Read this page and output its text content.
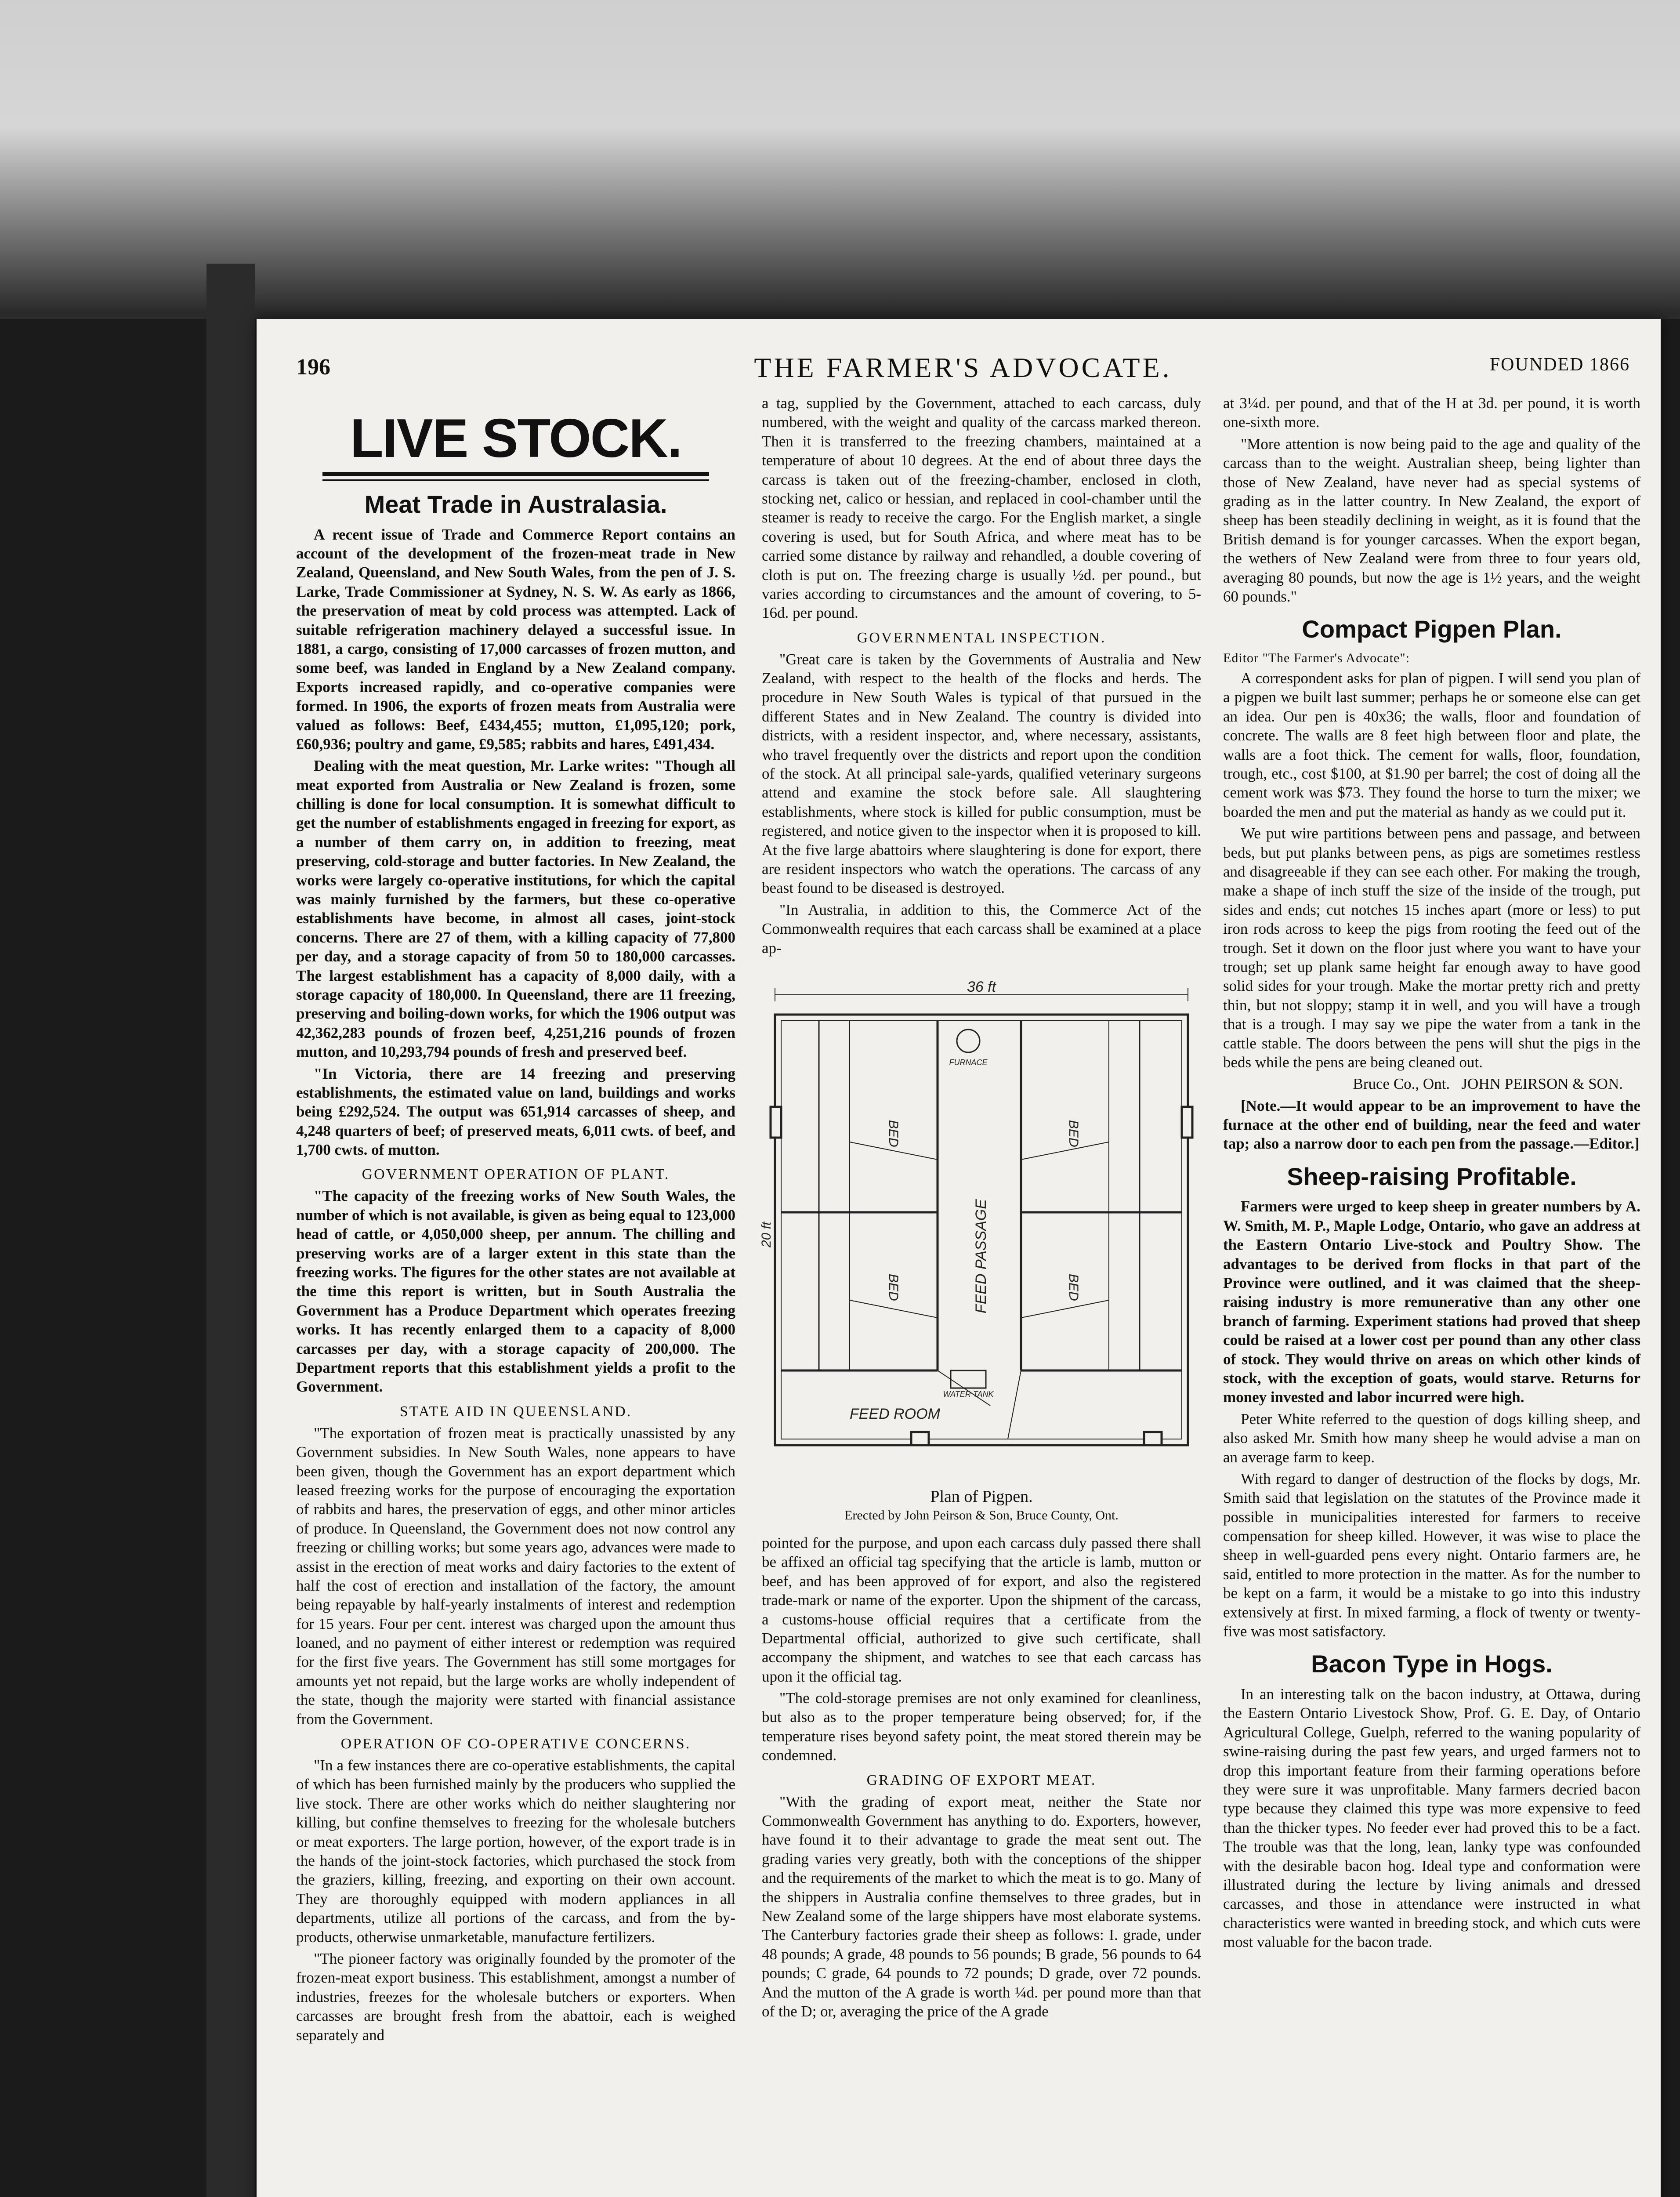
196	THE FARMER'S ADVOCATE.	FOUNDED 1866
LIVE STOCK.
Meat Trade in Australasia.

A recent issue of Trade and Commerce Report contains an account of the development of the frozen-meat trade in New Zealand, Queensland, and New South Wales, from the pen of J. S. Larke, Trade Commissioner at Sydney, N. S. W. As early as 1866, the preservation of meat by cold process was attempted. Lack of suitable refrigeration machinery delayed a successful issue. In 1881, a cargo, consisting of 17,000 carcasses of frozen mutton, and some beef, was landed in England by a New Zealand company. Exports increased rapidly, and co-operative companies were formed. In 1906, the exports of frozen meats from Australia were valued as follows: Beef, £434,455; mutton, £1,095,120; pork, £60,936; poultry and game, £9,585; rabbits and hares, £491,434.

Dealing with the meat question, Mr. Larke writes: "Though all meat exported from Australia or New Zealand is frozen, some chilling is done for local consumption. It is somewhat difficult to get the number of establishments engaged in freezing for export, as a number of them carry on, in addition to freezing, meat preserving, cold-storage and butter factories. In New Zealand, the works were largely co-operative institutions, for which the capital was mainly furnished by the farmers, but these co-operative establishments have become, in almost all cases, joint-stock concerns. There are 27 of them, with a killing capacity of 77,800 per day, and a storage capacity of from 50 to 180,000 carcasses. The largest establishment has a capacity of 8,000 daily, with a storage capacity of 180,000. In Queensland, there are 11 freezing, preserving and boiling-down works, for which the 1906 output was 42,362,283 pounds of frozen beef, 4,251,216 pounds of frozen mutton, and 10,293,794 pounds of fresh and preserved beef.

"In Victoria, there are 14 freezing and preserving establishments, the estimated value on land, buildings and works being £292,524. The output was 651,914 carcasses of sheep, and 4,248 quarters of beef; of preserved meats, 6,011 cwts. of beef, and 1,700 cwts. of mutton.

GOVERNMENT OPERATION OF PLANT.

"The capacity of the freezing works of New South Wales, the number of which is not available, is given as being equal to 123,000 head of cattle, or 4,050,000 sheep, per annum. The chilling and preserving works are of a larger extent in this state than the freezing works. The figures for the other states are not available at the time this report is written, but in South Australia the Government has a Produce Department which operates freezing works. It has recently enlarged them to a capacity of 8,000 carcasses per day, with a storage capacity of 200,000. The Department reports that this establishment yields a profit to the Government.

STATE AID IN QUEENSLAND.

"The exportation of frozen meat is practically unassisted by any Government subsidies. In New South Wales, none appears to have been given, though the Government has an export department which leased freezing works for the purpose of encouraging the exportation of rabbits and hares, the preservation of eggs, and other minor articles of produce. In Queensland, the Government does not now control any freezing or chilling works; but some years ago, advances were made to assist in the erection of meat works and dairy factories to the extent of half the cost of erection and installation of the factory, the amount being repayable by half-yearly instalments of interest and redemption for 15 years. Four per cent. interest was charged upon the amount thus loaned, and no payment of either interest or redemption was required for the first five years. The Government has still some mortgages for amounts yet not repaid, but the large works are wholly independent of the state, though the majority were started with financial assistance from the Government.

OPERATION OF CO-OPERATIVE CONCERNS.

"In a few instances there are co-operative establishments, the capital of which has been furnished mainly by the producers who supplied the live stock. There are other works which do neither slaughtering nor killing, but confine themselves to freezing for the wholesale butchers or meat exporters. The large portion, however, of the export trade is in the hands of the joint-stock factories, which purchased the stock from the graziers, killing, freezing, and exporting on their own account. They are thoroughly equipped with modern appliances in all departments, utilize all portions of the carcass, and from the by-products, otherwise unmarketable, manufacture fertilizers.

"The pioneer factory was originally founded by the promoter of the frozen-meat export business. This establishment, amongst a number of industries, freezes for the wholesale butchers or exporters. When carcasses are brought fresh from the abattoir, each is weighed separately and

a tag, supplied by the Government, attached to each carcass, duly numbered, with the weight and quality of the carcass marked thereon. Then it is transferred to the freezing chambers, maintained at a temperature of about 10 degrees. At the end of about three days the carcass is taken out of the freezing-chamber, enclosed in cloth, stocking net, calico or hessian, and replaced in cool-chamber until the steamer is ready to receive the cargo. For the English market, a single covering is used, but for South Africa, and where meat has to be carried some distance by railway and rehandled, a double covering of cloth is put on. The freezing charge is usually ½d. per pound., but varies according to circumstances and the amount of covering, to 5-16d. per pound.

GOVERNMENTAL INSPECTION.

"Great care is taken by the Governments of Australia and New Zealand, with respect to the health of the flocks and herds. The procedure in New South Wales is typical of that pursued in the different States and in New Zealand. The country is divided into districts, with a resident inspector, and, where necessary, assistants, who travel frequently over the districts and report upon the condition of the stock. At all principal sale-yards, qualified veterinary surgeons attend and examine the stock before sale. All slaughtering establishments, where stock is killed for public consumption, must be registered, and notice given to the inspector when it is proposed to kill. At the five large abattoirs where slaughtering is done for export, there are resident inspectors who watch the operations. The carcass of any beast found to be diseased is destroyed.

"In Australia, in addition to this, the Commerce Act of the Commonwealth requires that each carcass shall be examined at a place ap-

36 ft
FEED PASSAGE
FEED ROOM
FURNACE
WATER TANK
BED	BED
BED	BED
20 ft
Plan of Pigpen.
Erected by John Peirson & Son, Bruce County, Ont.

pointed for the purpose, and upon each carcass duly passed there shall be affixed an official tag specifying that the article is lamb, mutton or beef, and has been approved of for export, and also the registered trade-mark or name of the exporter. Upon the shipment of the carcass, a customs-house official requires that a certificate from the Departmental official, authorized to give such certificate, shall accompany the shipment, and watches to see that each carcass has upon it the official tag.

"The cold-storage premises are not only examined for cleanliness, but also as to the proper temperature being observed; for, if the temperature rises beyond safety point, the meat stored therein may be condemned.

GRADING OF EXPORT MEAT.

"With the grading of export meat, neither the State nor Commonwealth Government has anything to do. Exporters, however, have found it to their advantage to grade the meat sent out. The grading varies very greatly, both with the conceptions of the shipper and the requirements of the market to which the meat is to go. Many of the shippers in Australia confine themselves to three grades, but in New Zealand some of the large shippers have most elaborate systems. The Canterbury factories grade their sheep as follows: I. grade, under 48 pounds; A grade, 48 pounds to 56 pounds; B grade, 56 pounds to 64 pounds; C grade, 64 pounds to 72 pounds; D grade, over 72 pounds. And the mutton of the A grade is worth ¼d. per pound more than that of the D; or, averaging the price of the A grade

at 3¼d. per pound, and that of the H at 3d. per pound, it is worth one-sixth more.

"More attention is now being paid to the age and quality of the carcass than to the weight. Australian sheep, being lighter than those of New Zealand, have never had as special systems of grading as in the latter country. In New Zealand, the export of sheep has been steadily declining in weight, as it is found that the British demand is for younger carcasses. When the export began, the wethers of New Zealand were from three to four years old, averaging 80 pounds, but now the age is 1½ years, and the weight 60 pounds."

Compact Pigpen Plan.

Editor "The Farmer's Advocate":

A correspondent asks for plan of pigpen. I will send you plan of a pigpen we built last summer; perhaps he or someone else can get an idea. Our pen is 40x36; the walls, floor and foundation of concrete. The walls are 8 feet high between floor and plate, the walls are a foot thick. The cement for walls, floor, foundation, trough, etc., cost $100, at $1.90 per barrel; the cost of doing all the cement work was $73. They found the horse to turn the mixer; we boarded the men and put the material as handy as we could put it.

We put wire partitions between pens and passage, and between beds, but put planks between pens, as pigs are sometimes restless and disagreeable if they can see each other. For making the trough, make a shape of inch stuff the size of the inside of the trough, put sides and ends; cut notches 15 inches apart (more or less) to put iron rods across to keep the pigs from rooting the feed out of the trough. Set it down on the floor just where you want to have your trough; set up plank same height far enough away to have good solid sides for your trough. Make the mortar pretty rich and pretty thin, but not sloppy; stamp it in well, and you will have a trough that is a trough. I may say we pipe the water from a tank in the cattle stable. The doors between the pens will shut the pigs in the beds while the pens are being cleaned out.

Bruce Co., Ont. JOHN PEIRSON & SON.

[Note.—It would appear to be an improvement to have the furnace at the other end of building, near the feed and water tap; also a narrow door to each pen from the passage.—Editor.]

Sheep-raising Profitable.

Farmers were urged to keep sheep in greater numbers by A. W. Smith, M. P., Maple Lodge, Ontario, who gave an address at the Eastern Ontario Live-stock and Poultry Show. The advantages to be derived from flocks in that part of the Province were outlined, and it was claimed that the sheep-raising industry is more remunerative than any other one branch of farming. Experiment stations had proved that sheep could be raised at a lower cost per pound than any other class of stock. They would thrive on areas on which other kinds of stock, with the exception of goats, would starve. Returns for money invested and labor incurred were high.

Peter White referred to the question of dogs killing sheep, and also asked Mr. Smith how many sheep he would advise a man on an average farm to keep.

With regard to danger of destruction of the flocks by dogs, Mr. Smith said that legislation on the statutes of the Province made it possible in municipalities interested for farmers to receive compensation for sheep killed. However, it was wise to place the sheep in well-guarded pens every night. Ontario farmers are, he said, entitled to more protection in the matter. As for the number to be kept on a farm, it would be a mistake to go into this industry extensively at first. In mixed farming, a flock of twenty or twenty-five was most satisfactory.

Bacon Type in Hogs.

In an interesting talk on the bacon industry, at Ottawa, during the Eastern Ontario Livestock Show, Prof. G. E. Day, of Ontario Agricultural College, Guelph, referred to the waning popularity of swine-raising during the past few years, and urged farmers not to drop this important feature from their farming operations before they were sure it was unprofitable. Many farmers decried bacon type because they claimed this type was more expensive to feed than the thicker types. No feeder ever had proved this to be a fact. The trouble was that the long, lean, lanky type was confounded with the desirable bacon hog. Ideal type and conformation were illustrated during the lecture by living animals and dressed carcasses, and those in attendance were instructed in what characteristics were wanted in breeding stock, and which cuts were most valuable for the bacon trade.
